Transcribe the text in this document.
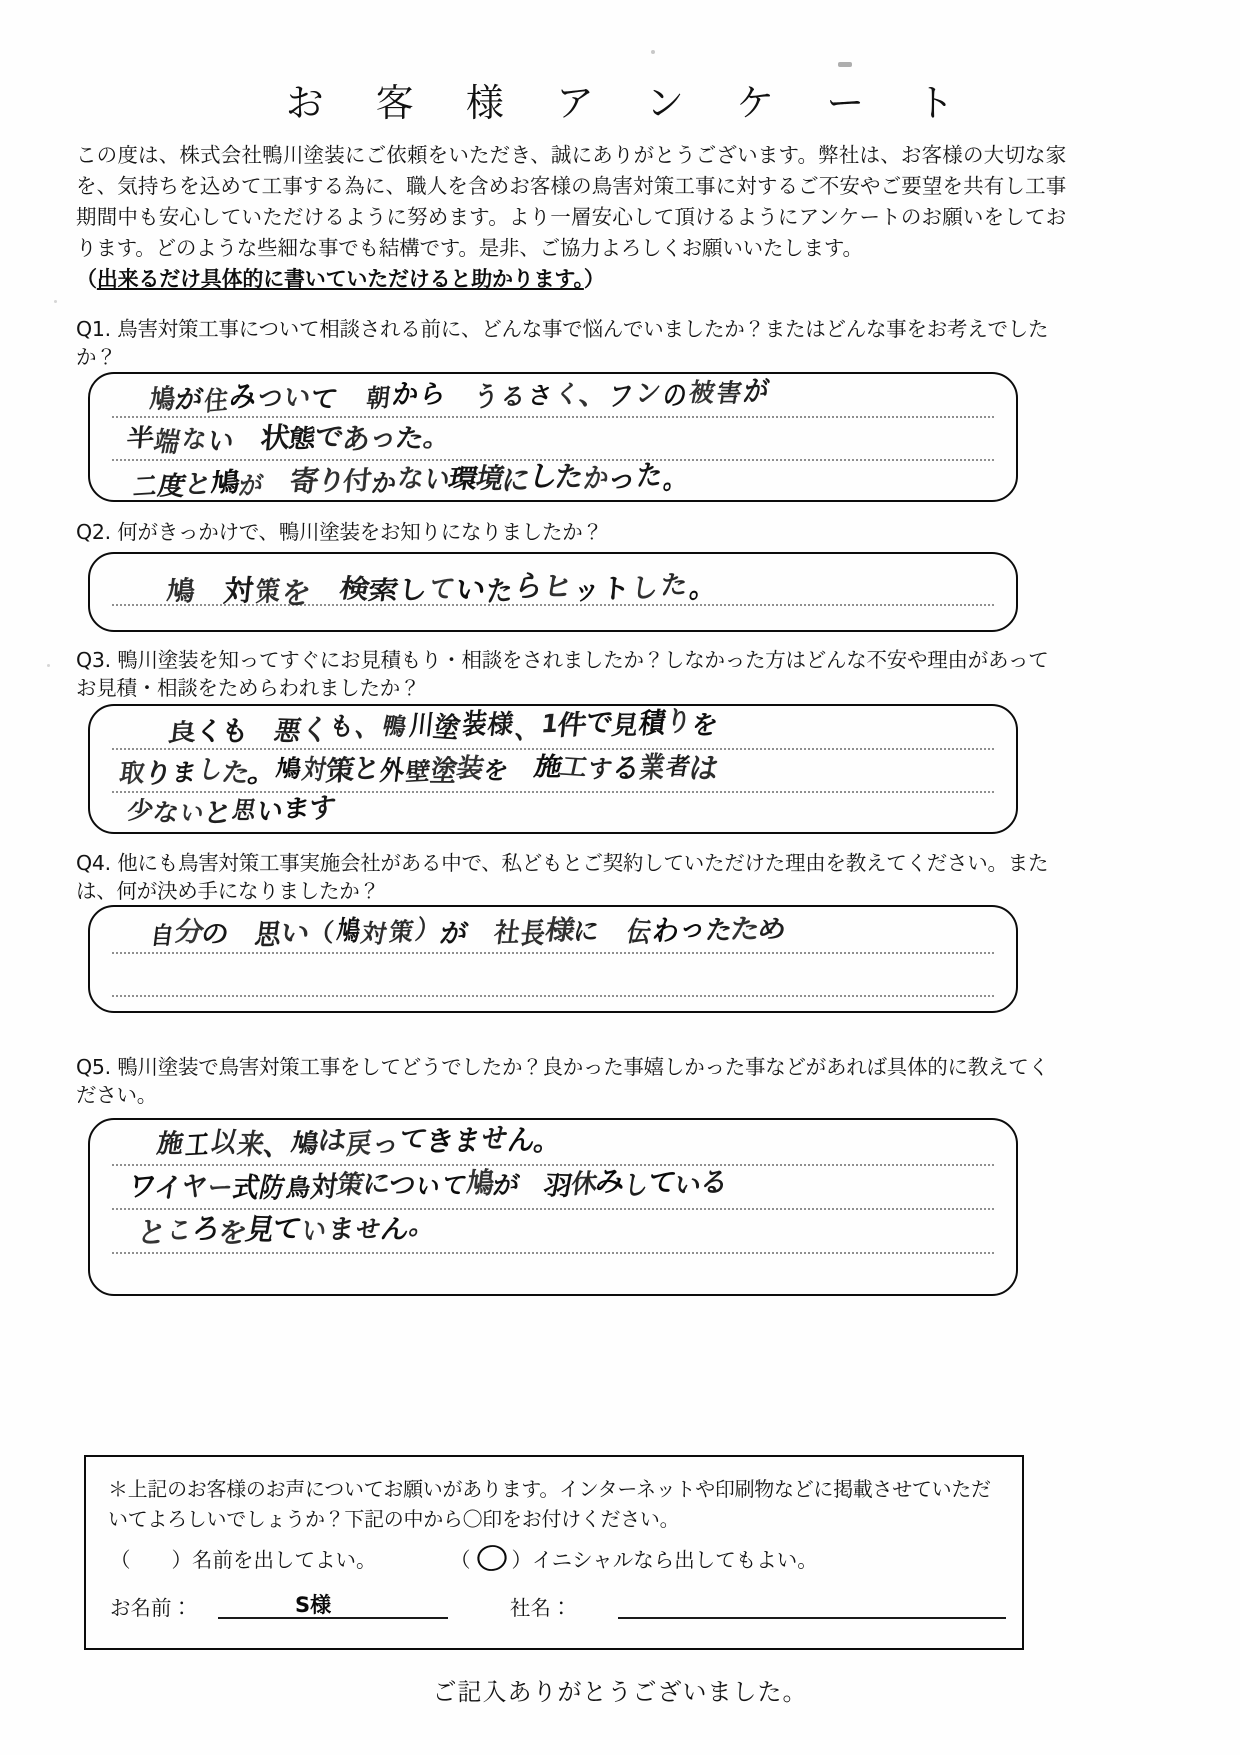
お 客 様 ア ン ケ ー ト
この度は、株式会社鴨川塗装にご依頼をいただき、誠にありがとうございます。弊社は、お客様の大切な家を、気持ちを込めて工事する為に、職人を含めお客様の鳥害対策工事に対するご不安やご要望を共有し工事期間中も安心していただけるように努めます。より一層安心して頂けるようにアンケートのお願いをしております。どのような些細な事でも結構です。是非、ご協力よろしくお願いいたします。
（出来るだけ具体的に書いていただけると助かります。）
Q1. 鳥害対策工事について相談される前に、どんな事で悩んでいましたか？またはどんな事をお考えでしたか？
鳩が住みついて　 朝から　 うるさく、フンの被害が
半端ない　 状態であった。
二度と鳩が　 寄り付かない環境にしたかった。
Q2. 何がきっかけで、鴨川塗装をお知りになりましたか？
鳩　 対策を　 検索していたらヒットした。
Q3. 鴨川塗装を知ってすぐにお見積もり・相談をされましたか？しなかった方はどんな不安や理由があってお見積・相談をためらわれましたか？
良くも　 悪くも、鴨川塗装様、1件で見積りを
取りました。鳩対策と外壁塗装を　 施工する業者は
少ないと思います
Q4. 他にも鳥害対策工事実施会社がある中で、私どもとご契約していただけた理由を教えてください。または、何が決め手になりましたか？
自分の　 思い（鳩対策）が　 社長様に　 伝わったため
Q5. 鴨川塗装で鳥害対策工事をしてどうでしたか？良かった事嬉しかった事などがあれば具体的に教えてください。
施工以来、鳩は戻ってきません。
ワイヤー式防鳥対策について鳩が　 羽休みしている
ところを見ていません。
＊上記のお客様のお声についてお願いがあります。インターネットや印刷物などに掲載させていただいてよろしいでしょうか？下記の中から〇印をお付けください。
（　　）名前を出してよい。	（　　）イニシャルなら出してもよい。
お名前：	S様	社名：
ご記入ありがとうございました。
